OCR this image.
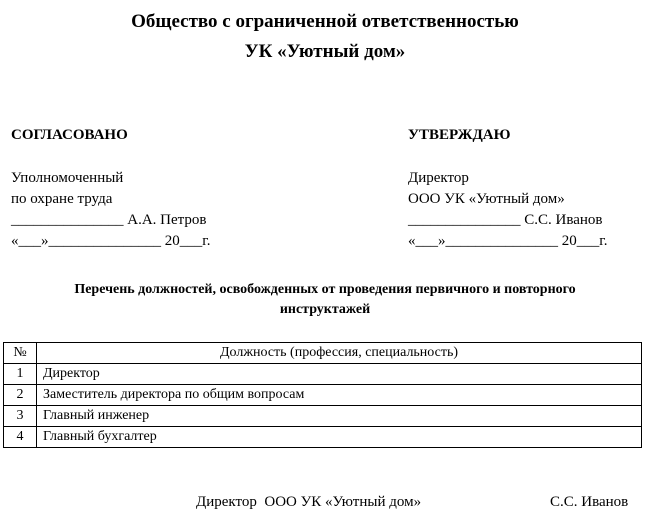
Общество с ограниченной ответственностью
УК «Уютный дом»
СОГЛАСОВАНО
Уполномоченный
по охране труда
_______________ А.А. Петров
«___»_______________ 20___г.
УТВЕРЖДАЮ
Директор
ООО УК «Уютный дом»
_______________ С.С. Иванов
«___»_______________ 20___г.
Перечень должностей, освобожденных от проведения первичного и повторного
инструктажей
№	Должность (профессия, специальность)
1	Директор
2	Заместитель директора по общим вопросам
3	Главный инженер
4	Главный бухгалтер
Директор  ООО УК «Уютный дом»	С.С. Иванов
